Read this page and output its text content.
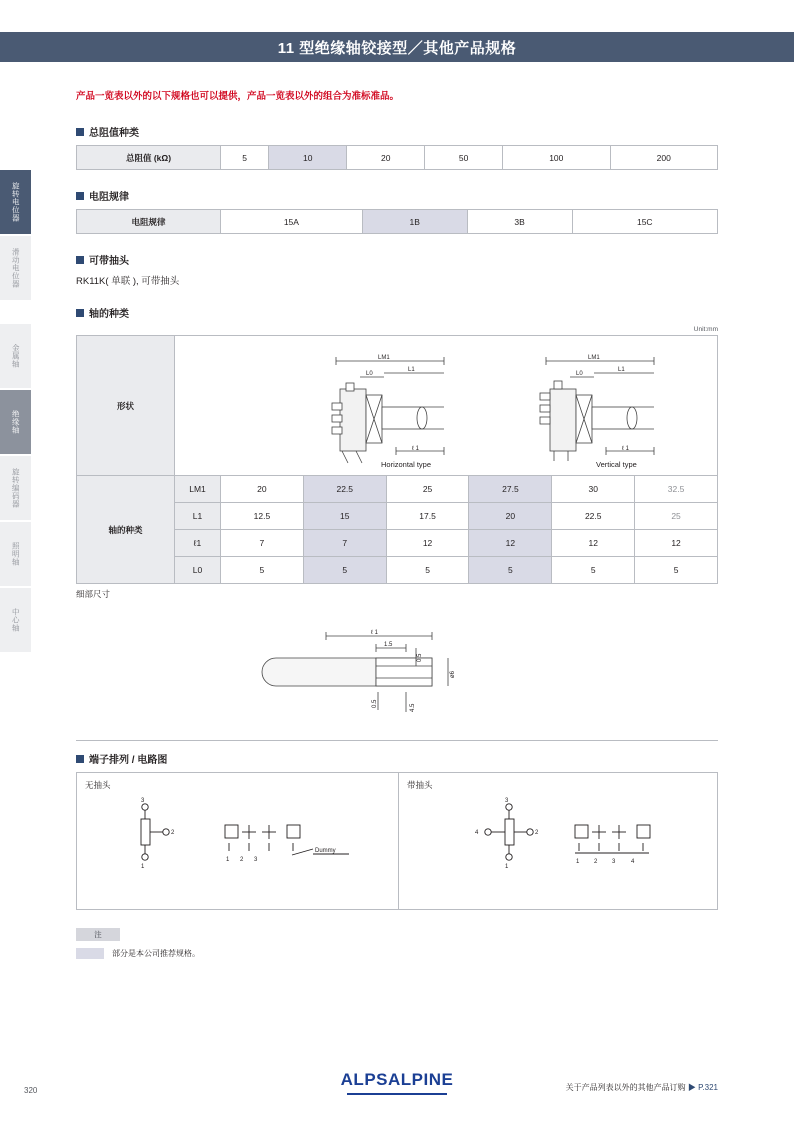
11 型绝缘轴铰接型／其他产品规格
旋转电位器
滑动电位器
金属轴
绝缘轴
旋转编码器
照明轴
中心轴
产品一览表以外的以下规格也可以提供，产品一览表以外的组合为准标准品。
总阻值种类
总阻值 (kΩ)	5	10	20	50	100	200
电阻规律
电阻规律	15A	1B	3B	15C
可带抽头
RK11K( 单联 ), 可带抽头
轴的种类
Unit:mm
形状	
LM1
L0
L1
ℓ 1
Horizontal type
LM1
L0
L1
ℓ 1
Vertical type

轴的种类	LM1	20	22.5	25	27.5	30	32.5
	L1	12.5	15	17.5	20	22.5	25
	ℓ1	7	7	12	12	12	12
	L0	5	5	5	5	5	5
细部尺寸
ℓ 1
1.5
0.5
ø6
0.5	4.5
端子排列 / 电路图
无抽头
3
1
2
1 2 3
Dummy
带抽头
3
1
2
4
1 2 3	4
注
部分是本公司推荐规格。
关于产品列表以外的其他产品订购 ▶ P.321
320
ALPSALPINE
